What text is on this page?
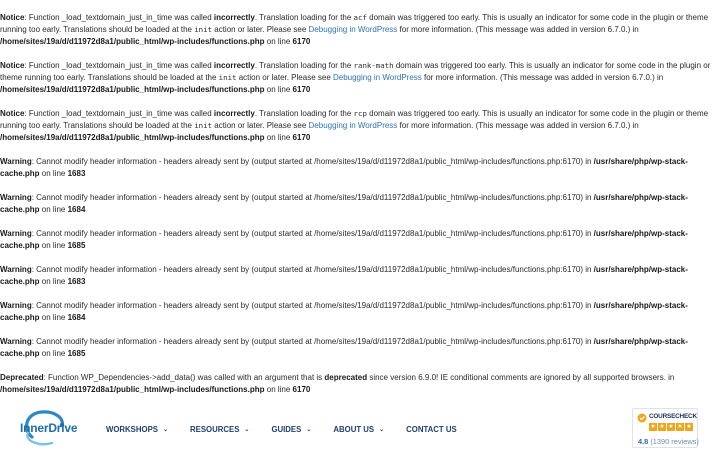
Notice: Function _load_textdomain_just_in_time was called incorrectly. Translation loading for the acf domain was triggered too early. This is usually an indicator for some code in the plugin or theme running too early. Translations should be loaded at the init action or later. Please see Debugging in WordPress for more information. (This message was added in version 6.7.0.) in /home/sites/19a/d/d11972d8a1/public_html/wp-includes/functions.php on line 6170
Notice: Function _load_textdomain_just_in_time was called incorrectly. Translation loading for the rank-math domain was triggered too early. This is usually an indicator for some code in the plugin or theme running too early. Translations should be loaded at the init action or later. Please see Debugging in WordPress for more information. (This message was added in version 6.7.0.) in /home/sites/19a/d/d11972d8a1/public_html/wp-includes/functions.php on line 6170
Notice: Function _load_textdomain_just_in_time was called incorrectly. Translation loading for the rcp domain was triggered too early. This is usually an indicator for some code in the plugin or theme running too early. Translations should be loaded at the init action or later. Please see Debugging in WordPress for more information. (This message was added in version 6.7.0.) in /home/sites/19a/d/d11972d8a1/public_html/wp-includes/functions.php on line 6170
Warning: Cannot modify header information - headers already sent by (output started at /home/sites/19a/d/d11972d8a1/public_html/wp-includes/functions.php:6170) in /usr/share/php/wp-stack-cache.php on line 1683
Warning: Cannot modify header information - headers already sent by (output started at /home/sites/19a/d/d11972d8a1/public_html/wp-includes/functions.php:6170) in /usr/share/php/wp-stack-cache.php on line 1684
Warning: Cannot modify header information - headers already sent by (output started at /home/sites/19a/d/d11972d8a1/public_html/wp-includes/functions.php:6170) in /usr/share/php/wp-stack-cache.php on line 1685
Warning: Cannot modify header information - headers already sent by (output started at /home/sites/19a/d/d11972d8a1/public_html/wp-includes/functions.php:6170) in /usr/share/php/wp-stack-cache.php on line 1683
Warning: Cannot modify header information - headers already sent by (output started at /home/sites/19a/d/d11972d8a1/public_html/wp-includes/functions.php:6170) in /usr/share/php/wp-stack-cache.php on line 1684
Warning: Cannot modify header information - headers already sent by (output started at /home/sites/19a/d/d11972d8a1/public_html/wp-includes/functions.php:6170) in /usr/share/php/wp-stack-cache.php on line 1685
Deprecated: Function WP_Dependencies->add_data() was called with an argument that is deprecated since version 6.9.0! IE conditional comments are ignored by all supported browsers. in /home/sites/19a/d/d11972d8a1/public_html/wp-includes/functions.php on line 6170
InnerDrive	WORKSHOPS ⌄	RESOURCES ⌄	GUIDES ⌄	ABOUT US ⌄	CONTACT US
COURSECHECK
★ ★ ★ ★ ★
4.8 (1390 reviews)
